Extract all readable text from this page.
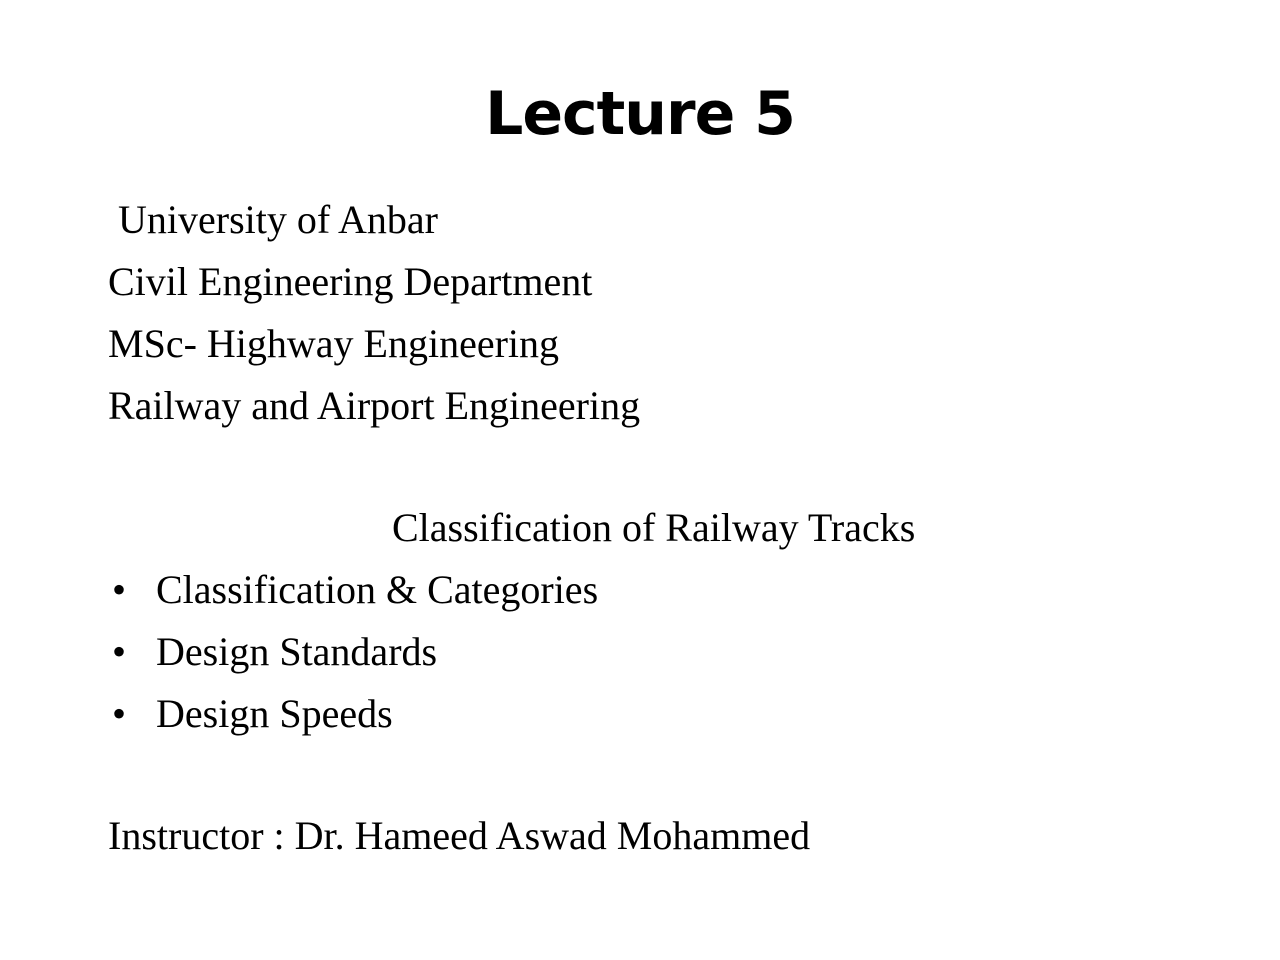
Lecture 5
University of Anbar
Civil Engineering Department
MSc- Highway Engineering
Railway and Airport Engineering
Classification of Railway Tracks
• Classification & Categories
• Design Standards
• Design Speeds
Instructor : Dr. Hameed Aswad Mohammed
